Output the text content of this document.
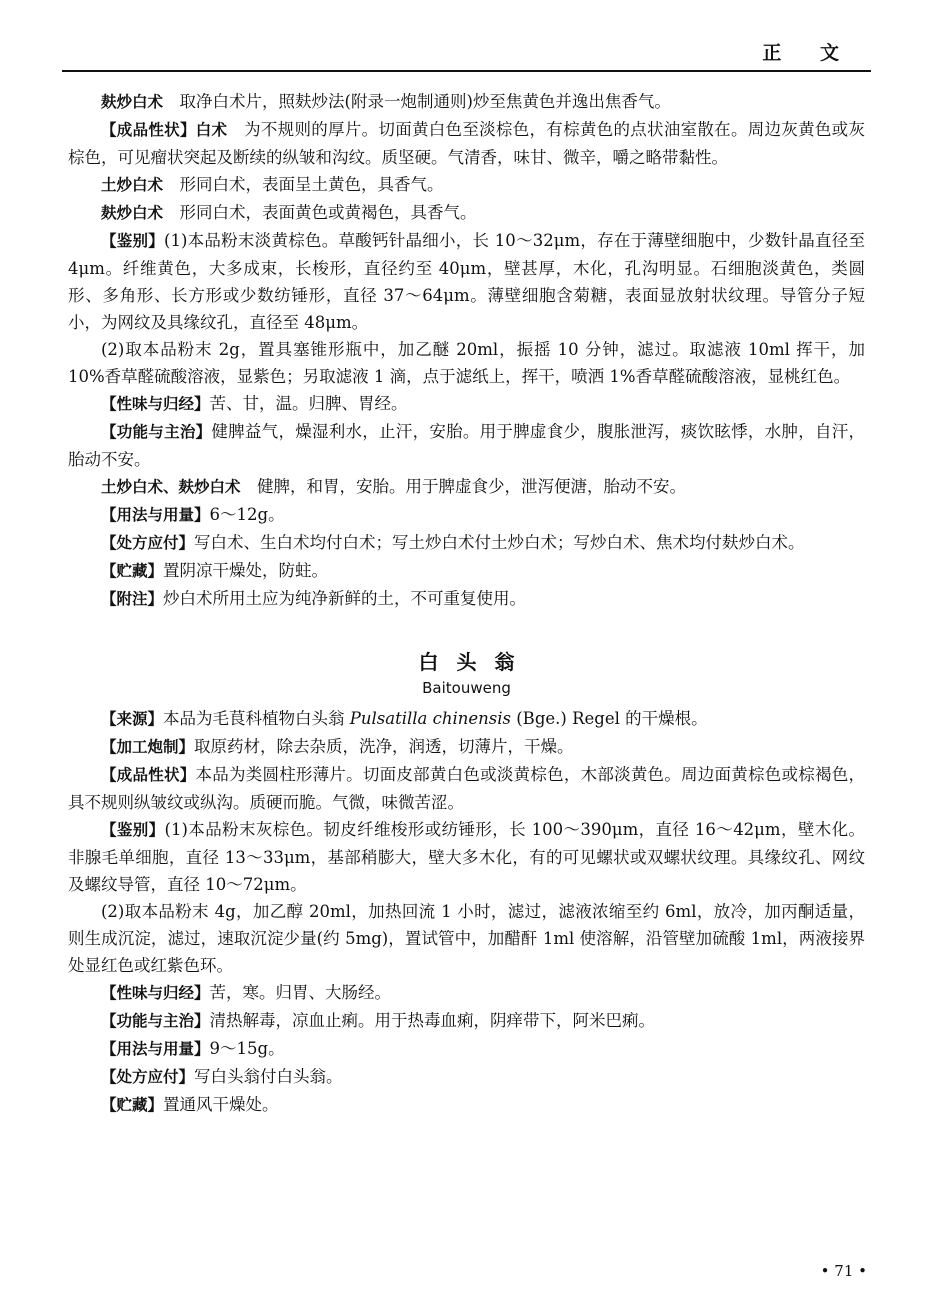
正 文

麸炒白术 取净白术片，照麸炒法(附录一炮制通则)炒至焦黄色并逸出焦香气。

【成品性状】白术 为不规则的厚片。切面黄白色至淡棕色，有棕黄色的点状油室散在。周边灰黄色或灰棕色，可见瘤状突起及断续的纵皱和沟纹。质坚硬。气清香，味甘、微辛，嚼之略带黏性。

土炒白术 形同白术，表面呈土黄色，具香气。

麸炒白术 形同白术，表面黄色或黄褐色，具香气。

【鉴别】(1)本品粉末淡黄棕色。草酸钙针晶细小，长 10～32μm，存在于薄壁细胞中，少数针晶直径至 4μm。纤维黄色，大多成束，长梭形，直径约至 40μm，壁甚厚，木化，孔沟明显。石细胞淡黄色，类圆形、多角形、长方形或少数纺锤形，直径 37～64μm。薄壁细胞含菊糖，表面显放射状纹理。导管分子短小，为网纹及具缘纹孔，直径至 48μm。

(2)取本品粉末 2g，置具塞锥形瓶中，加乙醚 20ml，振摇 10 分钟，滤过。取滤液 10ml 挥干，加 10%香草醛硫酸溶液，显紫色；另取滤液 1 滴，点于滤纸上，挥干，喷洒 1%香草醛硫酸溶液，显桃红色。

【性味与归经】苦、甘，温。归脾、胃经。

【功能与主治】健脾益气，燥湿利水，止汗，安胎。用于脾虚食少，腹胀泄泻，痰饮眩悸，水肿，自汗，胎动不安。

土炒白术、麸炒白术 健脾，和胃，安胎。用于脾虚食少，泄泻便溏，胎动不安。

【用法与用量】6～12g。

【处方应付】写白术、生白术均付白术；写土炒白术付土炒白术；写炒白术、焦术均付麸炒白术。

【贮藏】置阴凉干燥处，防蛀。

【附注】炒白术所用土应为纯净新鲜的土，不可重复使用。

白头翁
Baitouweng

【来源】本品为毛茛科植物白头翁 Pulsatilla chinensis (Bge.) Regel 的干燥根。

【加工炮制】取原药材，除去杂质，洗净，润透，切薄片，干燥。

【成品性状】本品为类圆柱形薄片。切面皮部黄白色或淡黄棕色，木部淡黄色。周边面黄棕色或棕褐色，具不规则纵皱纹或纵沟。质硬而脆。气微，味微苦涩。

【鉴别】(1)本品粉末灰棕色。韧皮纤维梭形或纺锤形，长 100～390μm，直径 16～42μm，壁木化。非腺毛单细胞，直径 13～33μm，基部稍膨大，壁大多木化，有的可见螺状或双螺状纹理。具缘纹孔、网纹及螺纹导管，直径 10～72μm。

(2)取本品粉末 4g，加乙醇 20ml，加热回流 1 小时，滤过，滤液浓缩至约 6ml，放冷，加丙酮适量，则生成沉淀，滤过，速取沉淀少量(约 5mg)，置试管中，加醋酐 1ml 使溶解，沿管壁加硫酸 1ml，两液接界处显红色或红紫色环。

【性味与归经】苦，寒。归胃、大肠经。

【功能与主治】清热解毒，凉血止痢。用于热毒血痢，阴痒带下，阿米巴痢。

【用法与用量】9～15g。

【处方应付】写白头翁付白头翁。

【贮藏】置通风干燥处。

• 71 •
